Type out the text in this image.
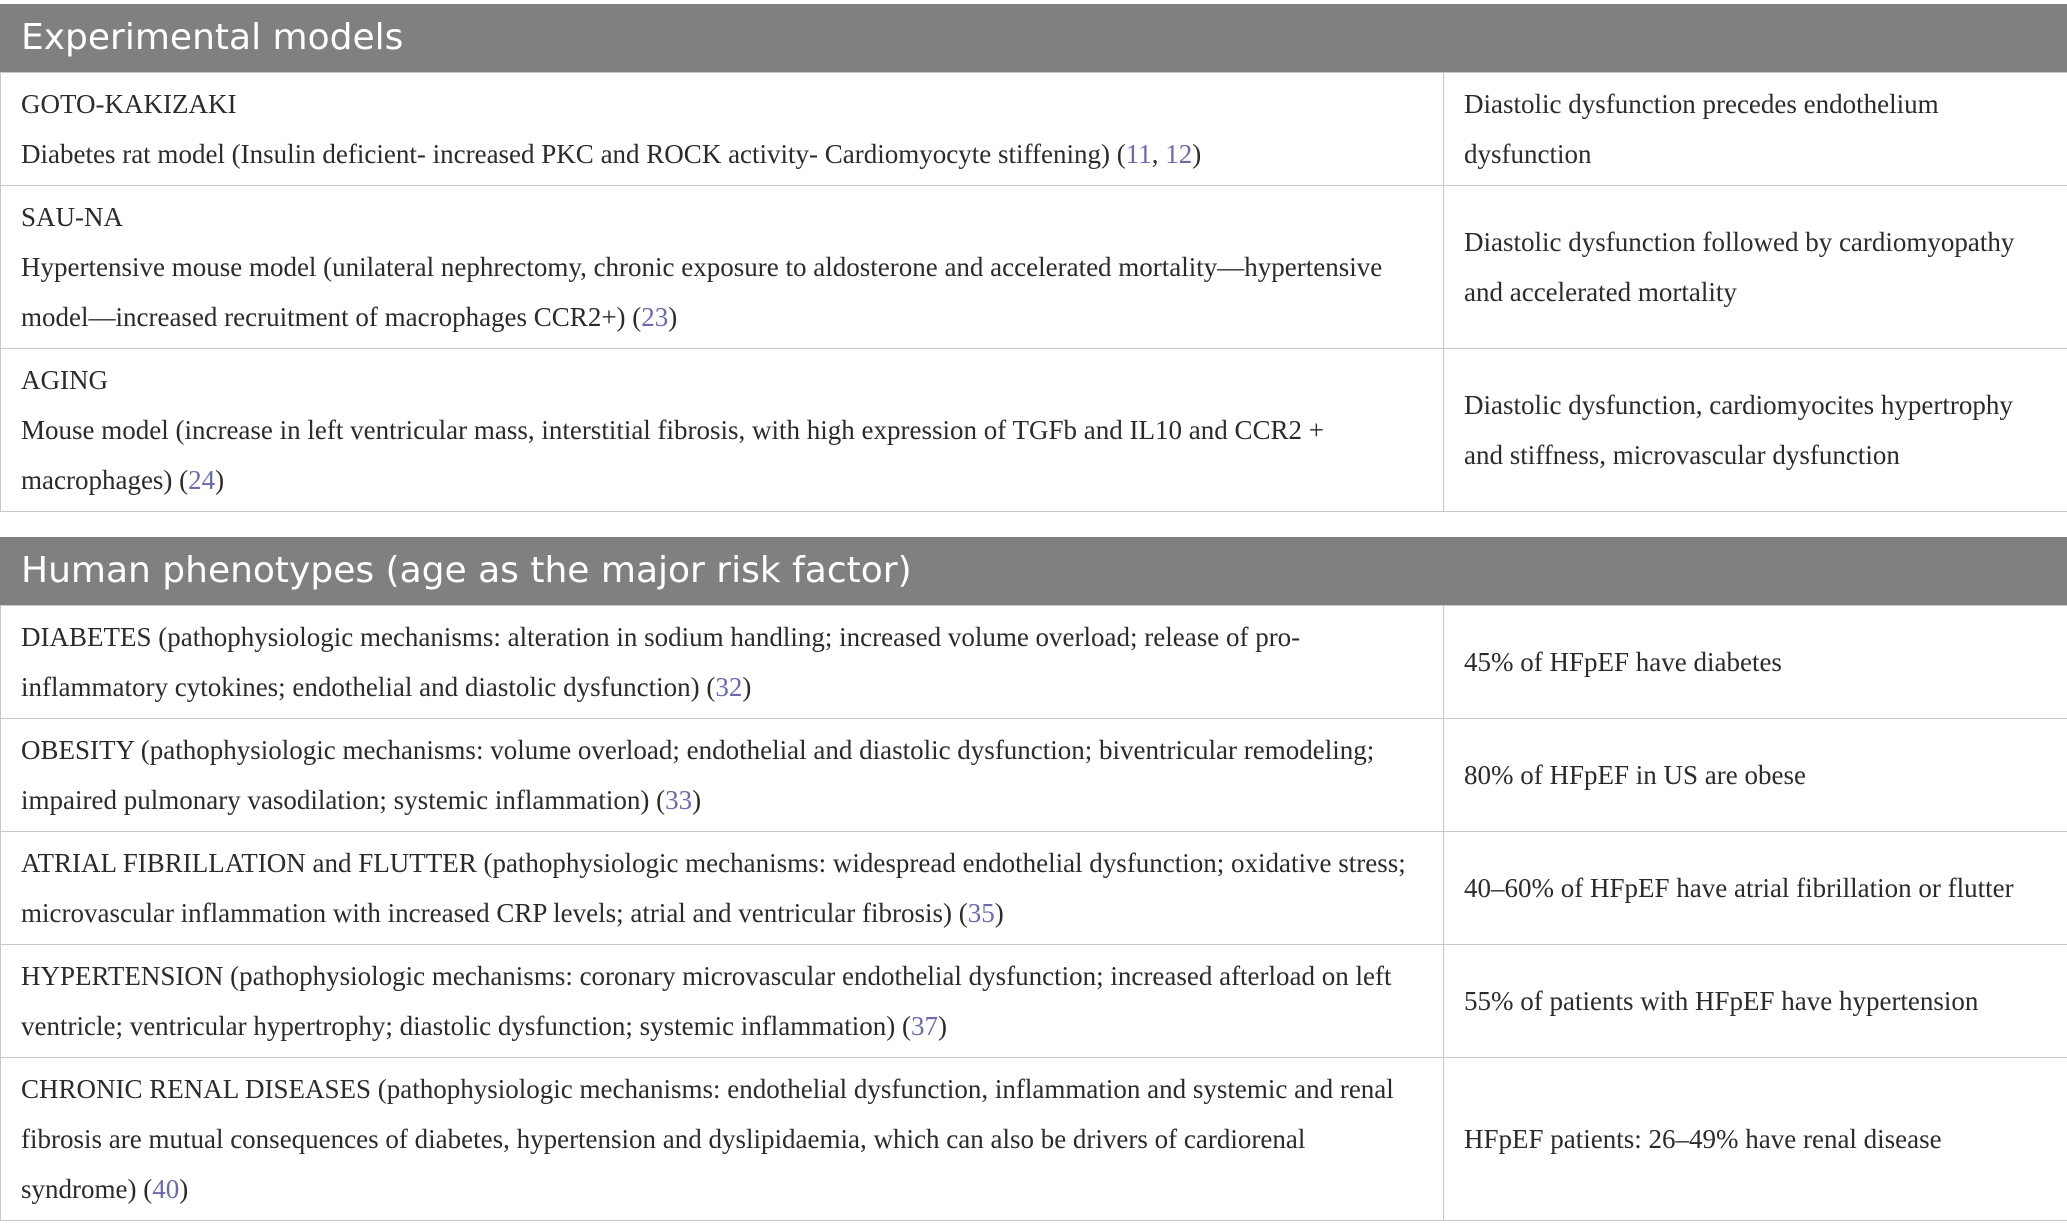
Experimental models
GOTO-KAKIZAKI
Diabetes rat model (Insulin deficient- increased PKC and ROCK activity- Cardiomyocyte stiffening) (11, 12)	Diastolic dysfunction precedes endothelium dysfunction

SAU-NA
Hypertensive mouse model (unilateral nephrectomy, chronic exposure to aldosterone and accelerated mortality—hypertensive model—increased recruitment of macrophages CCR2+) (23)	Diastolic dysfunction followed by cardiomyopathy and accelerated mortality

AGING
Mouse model (increase in left ventricular mass, interstitial fibrosis, with high expression of TGFb and IL10 and CCR2 + macrophages) (24)	Diastolic dysfunction, cardiomyocites hypertrophy and stiffness, microvascular dysfunction
Human phenotypes (age as the major risk factor)
DIABETES (pathophysiologic mechanisms: alteration in sodium handling; increased volume overload; release of pro-inflammatory cytokines; endothelial and diastolic dysfunction) (32)	45% of HFpEF have diabetes
OBESITY (pathophysiologic mechanisms: volume overload; endothelial and diastolic dysfunction; biventricular remodeling; impaired pulmonary vasodilation; systemic inflammation) (33)	80% of HFpEF in US are obese
ATRIAL FIBRILLATION and FLUTTER (pathophysiologic mechanisms: widespread endothelial dysfunction; oxidative stress; microvascular inflammation with increased CRP levels; atrial and ventricular fibrosis) (35)	40–60% of HFpEF have atrial fibrillation or flutter
HYPERTENSION (pathophysiologic mechanisms: coronary microvascular endothelial dysfunction; increased afterload on left ventricle; ventricular hypertrophy; diastolic dysfunction; systemic inflammation) (37)	55% of patients with HFpEF have hypertension
CHRONIC RENAL DISEASES (pathophysiologic mechanisms: endothelial dysfunction, inflammation and systemic and renal fibrosis are mutual consequences of diabetes, hypertension and dyslipidaemia, which can also be drivers of cardiorenal syndrome) (40)	HFpEF patients: 26–49% have renal disease
